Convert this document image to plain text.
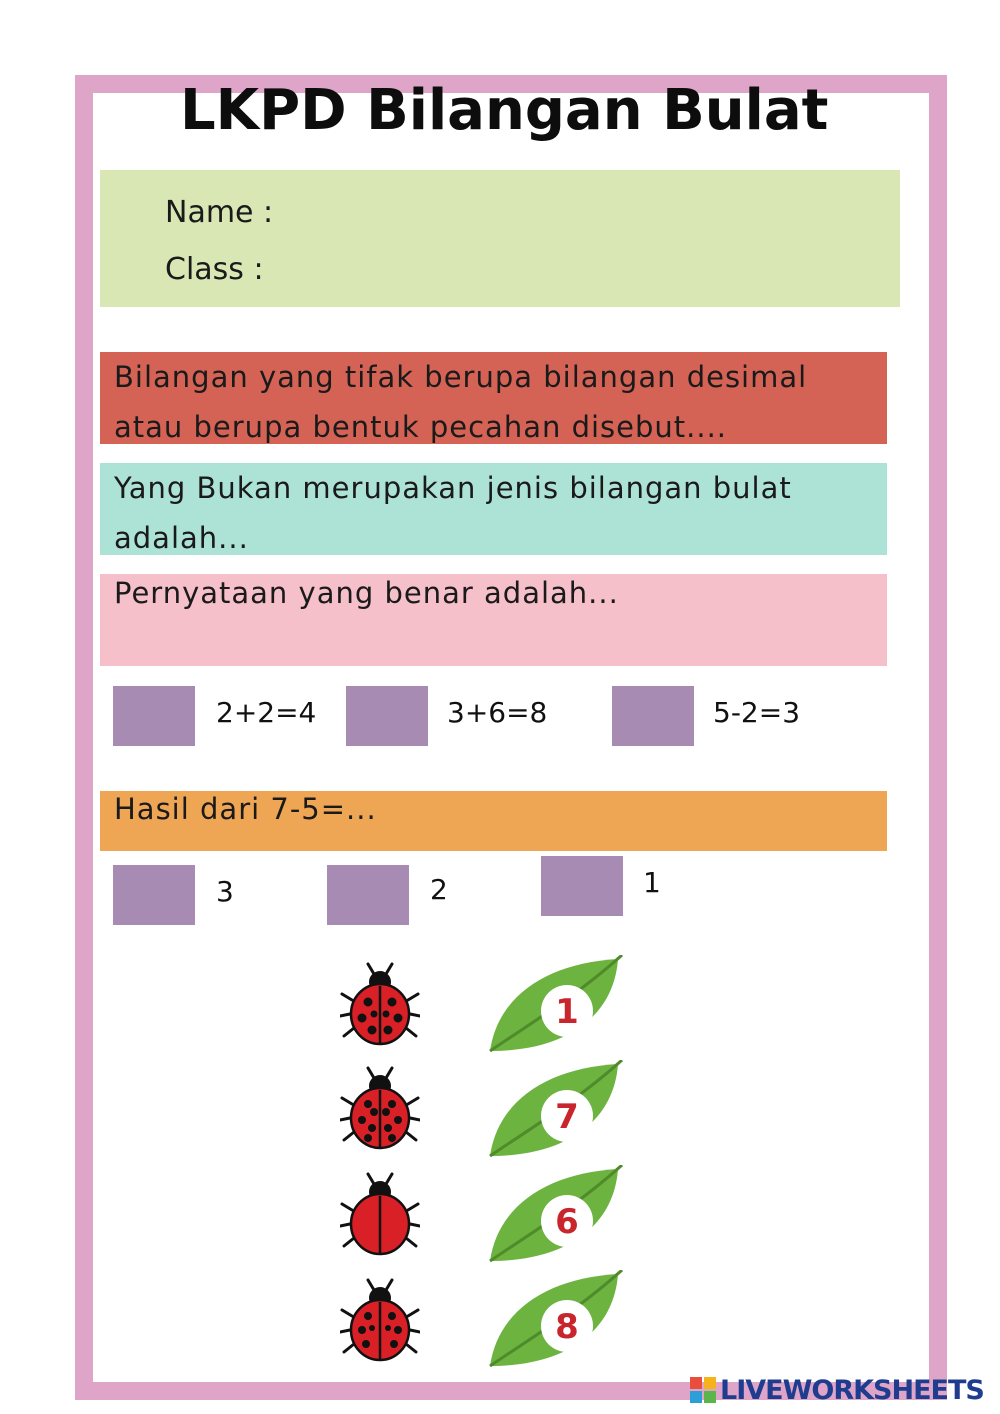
LKPD Bilangan Bulat
Name :
Class :
Bilangan yang tifak berupa bilangan desimal
atau berupa bentuk pecahan disebut....
Yang Bukan merupakan jenis bilangan bulat
adalah...
Pernyataan yang benar adalah...
2+2=4	3+6=8	5-2=3
Hasil dari 7-5=...
3	2	1
1
7
6
8
LIVEWORKSHEETS
